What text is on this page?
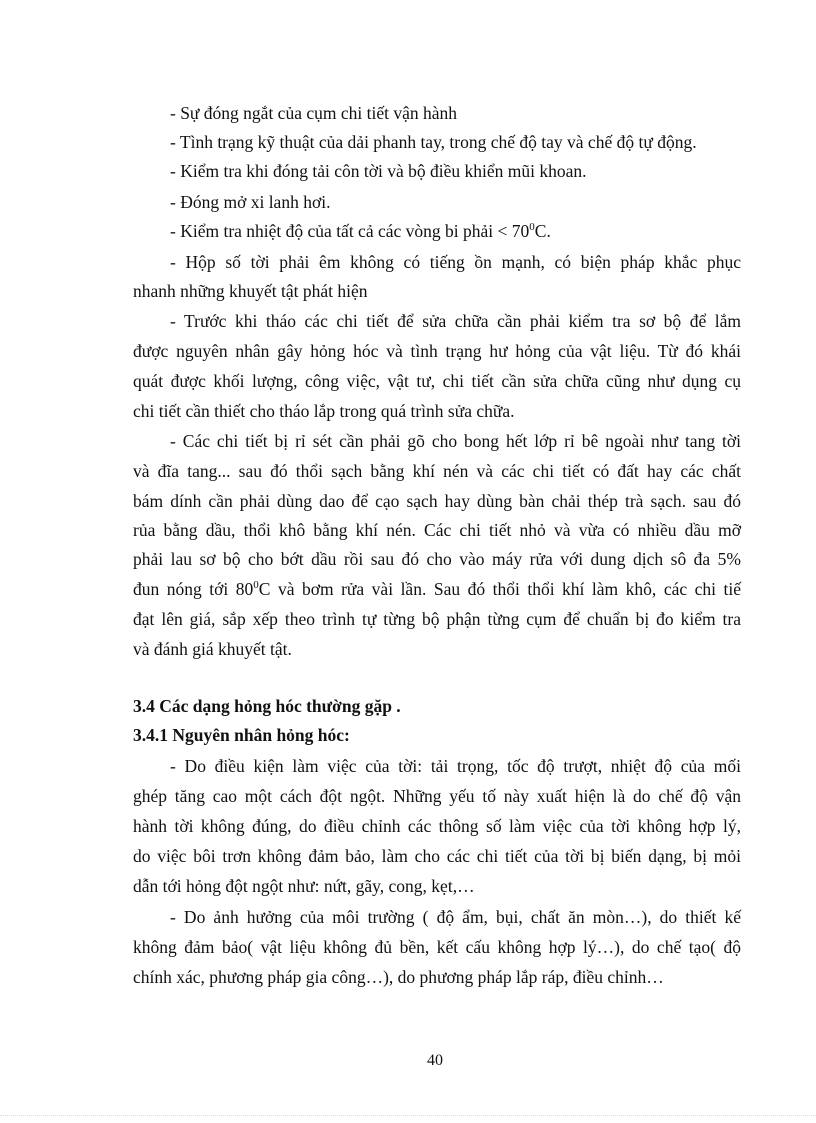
- Sự đóng ngắt của cụm chi tiết vận hành
- Tình trạng kỹ thuật của dải phanh tay, trong chế độ tay và chế độ tự động.
- Kiểm tra khi đóng tải côn tời và bộ điều khiển mũi khoan.
- Đóng mở xi lanh hơi.
- Kiểm tra nhiệt độ của tất cả các vòng bi phải < $70^0C$.
- Hộp số tời phải êm không có tiếng ồn mạnh, có biện pháp khắc phục
nhanh những khuyết tật phát hiện
- Trước khi tháo các chi tiết để sửa chữa cần phải kiểm tra sơ bộ để lắm
được nguyên nhân gây hỏng hóc và tình trạng hư hỏng của vật liệu. Từ đó khái
quát được khối lượng, công việc, vật tư, chi tiết cần sửa chữa cũng như dụng cụ
chi tiết cần thiết cho tháo lắp trong quá trình sửa chữa.
- Các chi tiết bị rỉ sét cần phải gõ cho bong hết lớp rỉ bê ngoài như tang tời
và đĩa tang... sau đó thổi sạch bằng khí nén và các chi tiết có đất hay các chất
bám dính cần phải dùng dao để cạo sạch hay dùng bàn chải thép trà sạch. sau đó
rủa bằng dầu, thổi khô bằng khí nén. Các chi tiết nhỏ và vừa có nhiều dầu mỡ
phải lau sơ bộ cho bớt dầu rồi sau đó cho vào máy rửa với dung dịch sô đa 5%
đun nóng tới $80^0C$ và bơm rửa vài lần. Sau đó thổi thổi khí làm khô, các chi tiế
đạt lên giá, sắp xếp theo trình tự từng bộ phận từng cụm để chuẩn bị đo kiểm tra
và đánh giá khuyết tật.
3.4 Các dạng hỏng hóc thường gặp .
3.4.1 Nguyên nhân hỏng hóc:
- Do điều kiện làm việc của tời: tải trọng, tốc độ trượt, nhiệt độ của mối
ghép tăng cao một cách đột ngột. Những yếu tố này xuất hiện là do chế độ vận
hành tời không đúng, do điều chỉnh các thông số làm việc của tời không hợp lý,
do việc bôi trơn không đảm bảo, làm cho các chi tiết của tời bị biến dạng, bị mỏi
dẫn tới hỏng đột ngột như: nứt, gãy, cong, kẹt,…
- Do ảnh hưởng của môi trường ( độ ẩm, bụi, chất ăn mòn…), do thiết kế
không đảm bảo( vật liệu không đủ bền, kết cấu không hợp lý…), do chế tạo( độ
chính xác, phương pháp gia công…), do phương pháp lắp ráp, điều chỉnh…
40
